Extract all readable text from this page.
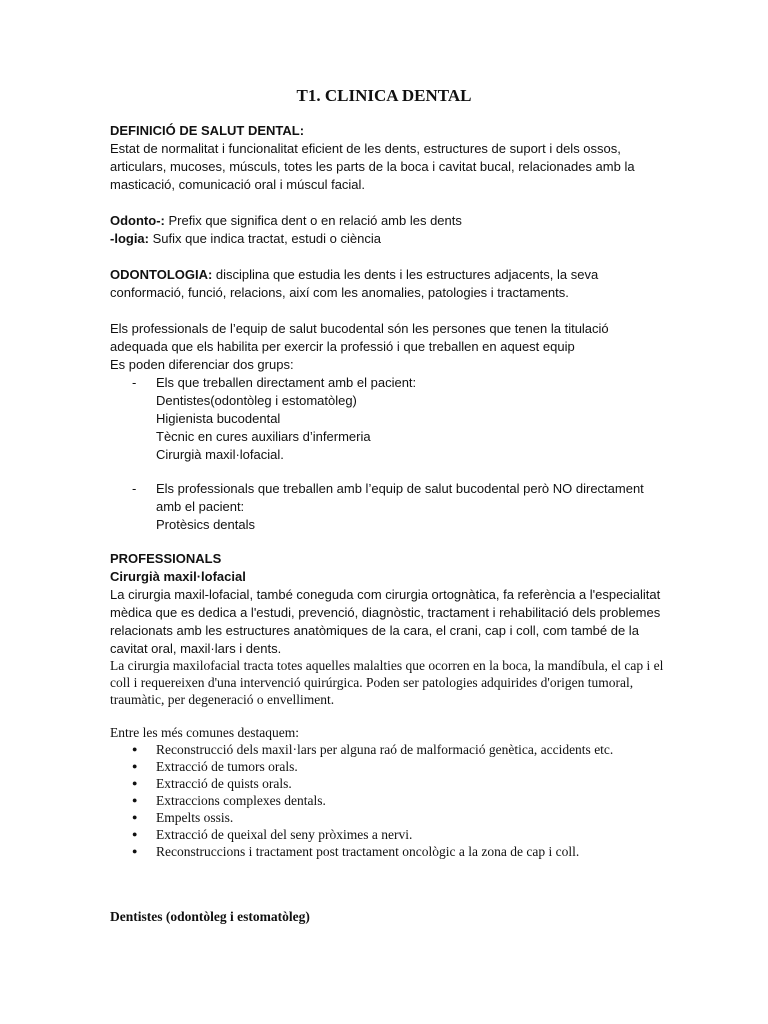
T1. CLINICA DENTAL
DEFINICIÓ DE SALUT DENTAL:
Estat de normalitat i funcionalitat eficient de les dents, estructures de suport i dels ossos, articulars, mucoses, músculs, totes les parts de la boca i cavitat bucal, relacionades amb la masticació, comunicació oral i múscul facial.
Odonto-: Prefix que significa dent o en relació amb les dents
-logia: Sufix que indica tractat, estudi o ciència
ODONTOLOGIA: disciplina que estudia les dents i les estructures adjacents, la seva conformació, funció, relacions, així com les anomalies, patologies i tractaments.
Els professionals de l’equip de salut bucodental són les persones que tenen la titulació adequada que els habilita per exercir la professió i que treballen en aquest equip
Es poden diferenciar dos grups:
- Els que treballen directament amb el pacient:
Dentistes(odontòleg i estomatòleg)
Higienista bucodental
Tècnic en cures auxiliars d’infermeria
Cirurgià maxil·lofacial.
- Els professionals que treballen amb l’equip de salut bucodental però NO directament amb el pacient:
Protèsics dentals
PROFESSIONALS
Cirurgià maxil·lofacial
La cirurgia maxil-lofacial, també coneguda com cirurgia ortognàtica, fa referència a l'especialitat mèdica que es dedica a l'estudi, prevenció, diagnòstic, tractament i rehabilitació dels problemes relacionats amb les estructures anatòmiques de la cara, el crani, cap i coll, com també de la cavitat oral, maxil·lars i dents.
La cirurgia maxilofacial tracta totes aquelles malalties que ocorren en la boca, la mandíbula, el cap i el coll i requereixen d'una intervenció quirúrgica. Poden ser patologies adquirides d'origen tumoral, traumàtic, per degeneració o envelliment.
Entre les més comunes destaquem:
● Reconstrucció dels maxil·lars per alguna raó de malformació genètica, accidents etc.
● Extracció de tumors orals.
● Extracció de quists orals.
● Extraccions complexes dentals.
● Empelts ossis.
● Extracció de queixal del seny pròximes a nervi.
● Reconstruccions i tractament post tractament oncològic a la zona de cap i coll.
Dentistes (odontòleg i estomatòleg)
